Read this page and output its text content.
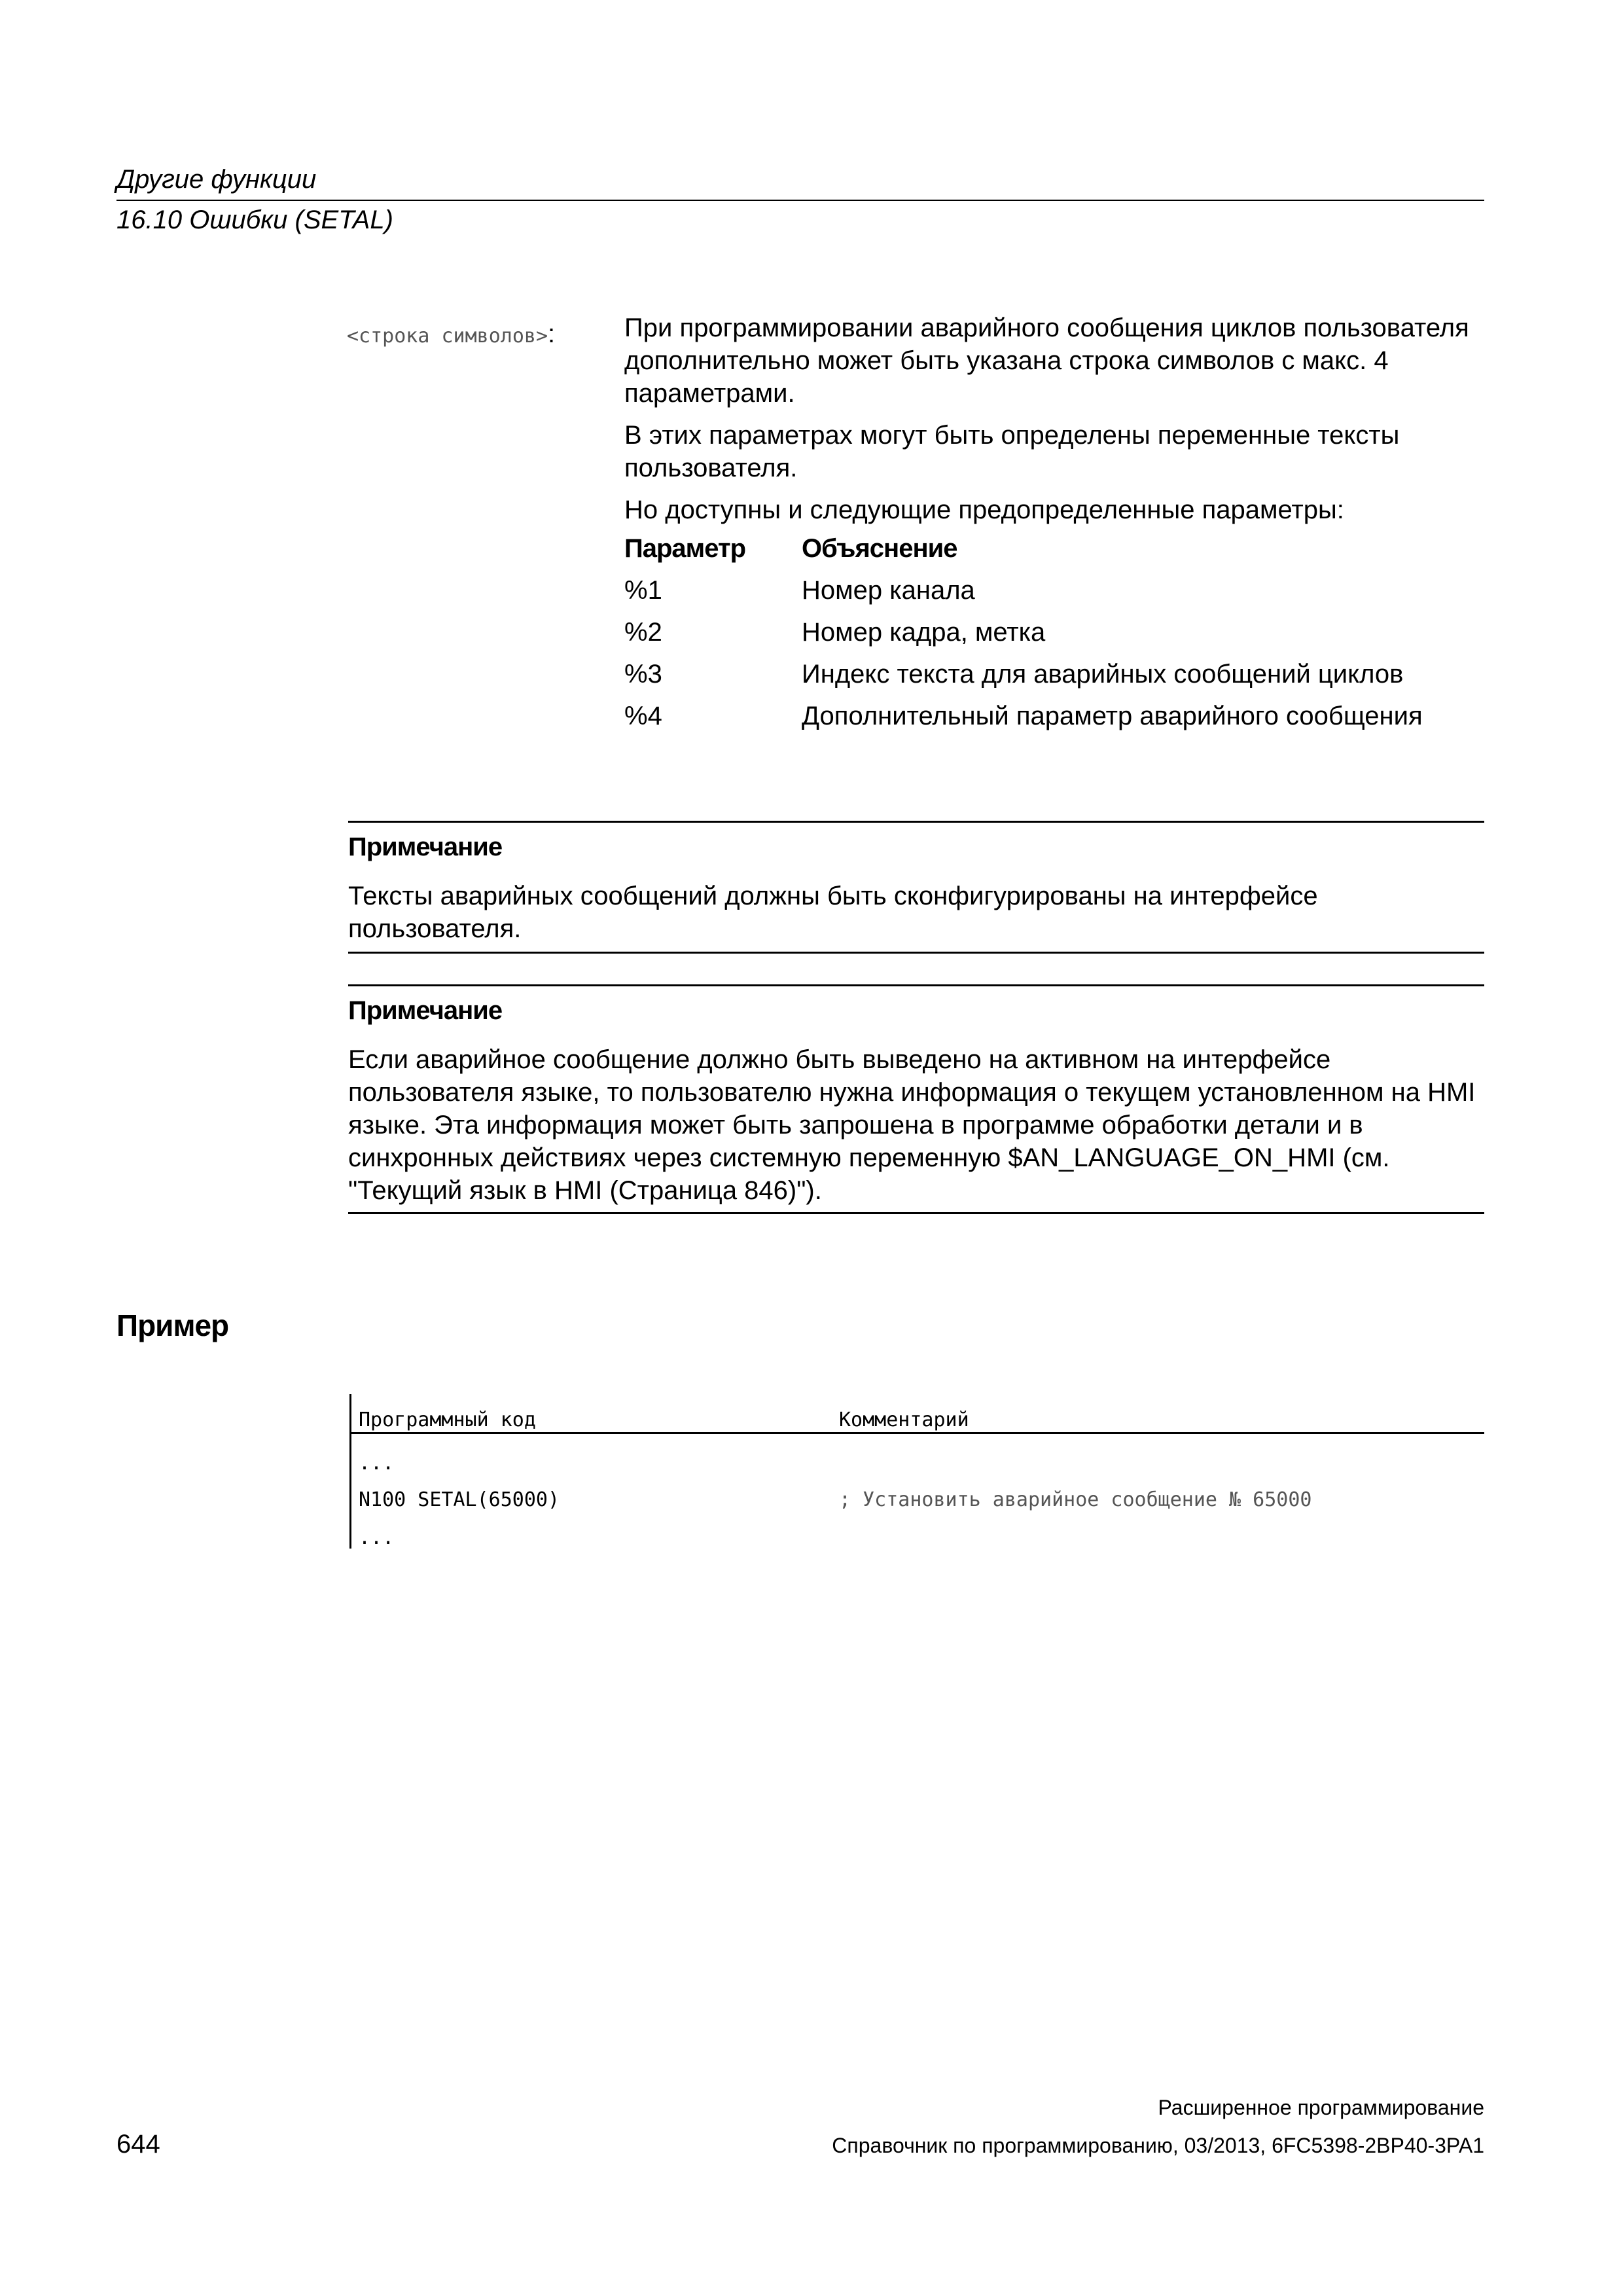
Другие функции
16.10 Ошибки (SETAL)
<строка символов>:	При программировании аварийного сообщения циклов пользователя дополнительно может быть указана строка символов с макс. 4 параметрами.
В этих параметрах могут быть определены переменные тексты пользователя.
Но доступны и следующие предопределенные параметры:
Параметр Объяснение
%1	Номер канала
%2	Номер кадра, метка
%3	Индекс текста для аварийных сообщений циклов
%4	Дополнительный параметр аварийного сообщения
Примечание
Тексты аварийных сообщений должны быть сконфигурированы на интерфейсе пользователя.
Примечание
Если аварийное сообщение должно быть выведено на активном на интерфейсе пользователя языке, то пользователю нужна информация о текущем установленном на HMI языке. Эта информация может быть запрошена в программе обработки детали и в синхронных действиях через системную переменную $AN_LANGUAGE_ON_HMI (см. "Текущий язык в HMI (Страница 846)").
Пример
Программный код	Комментарий
...
N100 SETAL(65000)	; Установить аварийное сообщение № 65000
...
644
Расширенное программирование
Справочник по программированию, 03/2013, 6FC5398-2BP40-3PA1
